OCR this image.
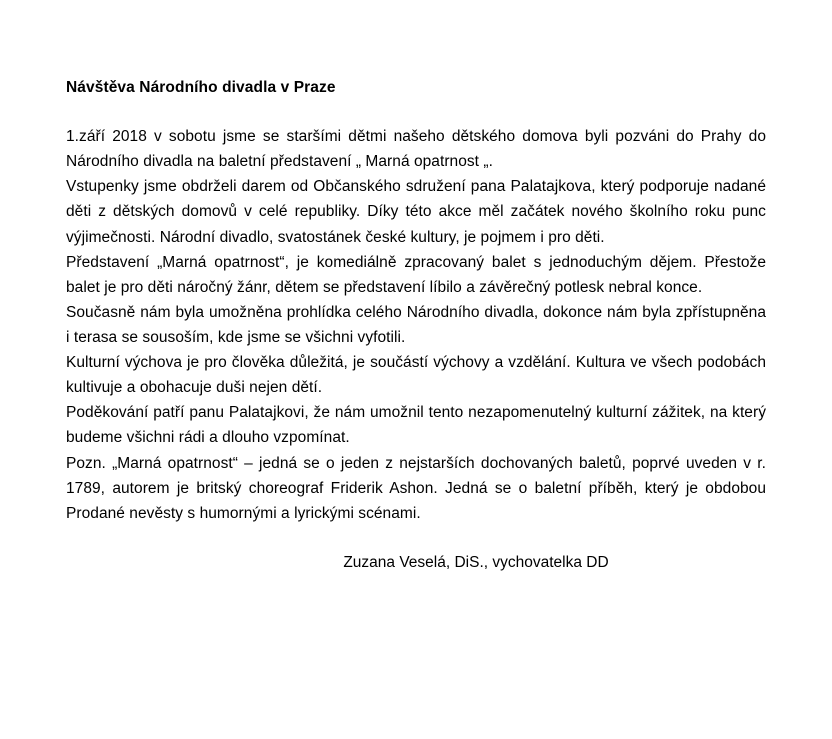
Návštěva Národního divadla v Praze

1.září 2018 v sobotu jsme se staršími dětmi našeho dětského domova byli pozváni do Prahy do Národního divadla na baletní představení „ Marná opatrnost „.

Vstupenky jsme obdrželi darem od Občanského sdružení pana Palatajkova, který podporuje nadané děti z dětských domovů v celé republiky. Díky této akce měl začátek nového školního roku punc výjimečnosti. Národní divadlo, svatostánek české kultury, je pojmem i pro děti.

Představení „Marná opatrnost“, je komediálně zpracovaný balet s jednoduchým dějem. Přestože balet je pro děti náročný žánr, dětem se představení líbilo a závěrečný potlesk nebral konce.

Současně nám byla umožněna prohlídka celého Národního divadla, dokonce nám byla zpřístupněna i terasa se sousoším, kde jsme se všichni vyfotili.

Kulturní výchova je pro člověka důležitá, je součástí výchovy a vzdělání. Kultura ve všech podobách kultivuje a obohacuje duši nejen dětí.

Poděkování patří panu Palatajkovi, že nám umožnil tento nezapomenutelný kulturní zážitek, na který budeme všichni rádi a dlouho vzpomínat.

Pozn. „Marná opatrnost“ – jedná se o jeden z nejstarších dochovaných baletů, poprvé uveden v r. 1789, autorem je britský choreograf Friderik Ashon. Jedná se o baletní příběh, který je obdobou Prodané nevěsty s humornými a lyrickými scénami.

Zuzana Veselá, DiS., vychovatelka DD
